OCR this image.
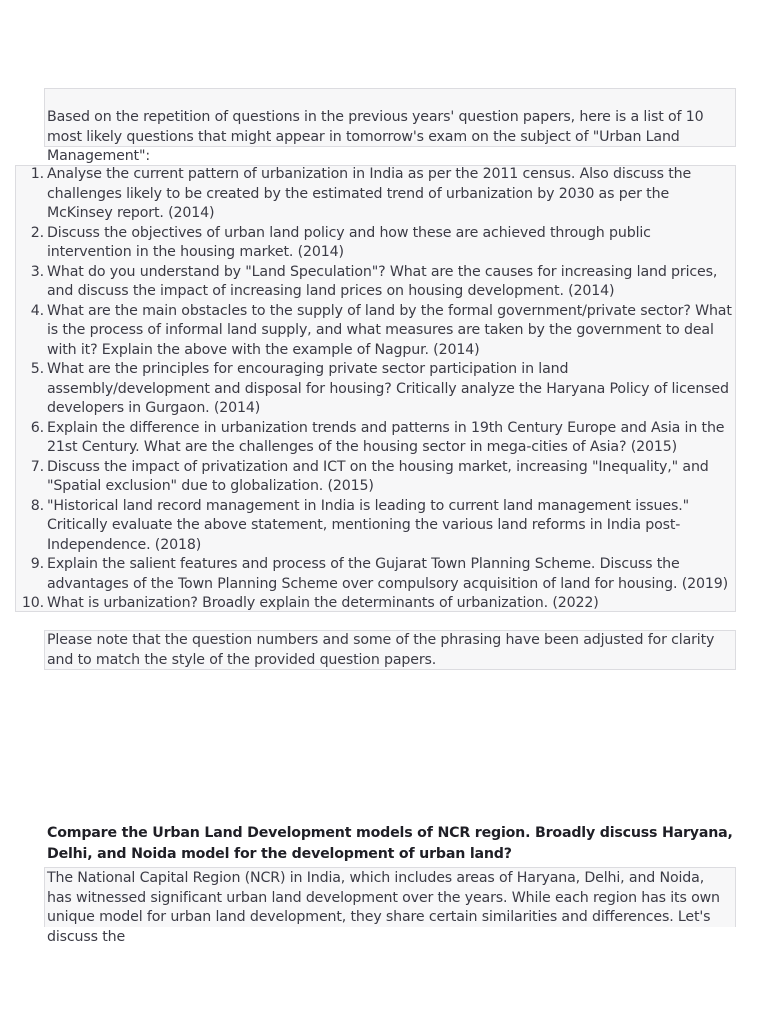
Based on the repetition of questions in the previous years' question papers, here is a list of 10 most likely questions that might appear in tomorrow's exam on the subject of "Urban Land Management":
1. Analyse the current pattern of urbanization in India as per the 2011 census. Also discuss the challenges likely to be created by the estimated trend of urbanization by 2030 as per the McKinsey report. (2014)
2. Discuss the objectives of urban land policy and how these are achieved through public intervention in the housing market. (2014)
3. What do you understand by "Land Speculation"? What are the causes for increasing land prices, and discuss the impact of increasing land prices on housing development. (2014)
4. What are the main obstacles to the supply of land by the formal government/private sector? What is the process of informal land supply, and what measures are taken by the government to deal with it? Explain the above with the example of Nagpur. (2014)
5. What are the principles for encouraging private sector participation in land assembly/development and disposal for housing? Critically analyze the Haryana Policy of licensed developers in Gurgaon. (2014)
6. Explain the difference in urbanization trends and patterns in 19th Century Europe and Asia in the 21st Century. What are the challenges of the housing sector in mega-cities of Asia? (2015)
7. Discuss the impact of privatization and ICT on the housing market, increasing "Inequality," and "Spatial exclusion" due to globalization. (2015)
8. "Historical land record management in India is leading to current land management issues." Critically evaluate the above statement, mentioning the various land reforms in India post-Independence. (2018)
9. Explain the salient features and process of the Gujarat Town Planning Scheme. Discuss the advantages of the Town Planning Scheme over compulsory acquisition of land for housing. (2019)
10. What is urbanization? Broadly explain the determinants of urbanization. (2022)
Please note that the question numbers and some of the phrasing have been adjusted for clarity and to match the style of the provided question papers.
Compare the Urban Land Development models of NCR region. Broadly discuss Haryana, Delhi, and Noida model for the development of urban land?
The National Capital Region (NCR) in India, which includes areas of Haryana, Delhi, and Noida, has witnessed significant urban land development over the years. While each region has its own unique model for urban land development, they share certain similarities and differences. Let's discuss the
